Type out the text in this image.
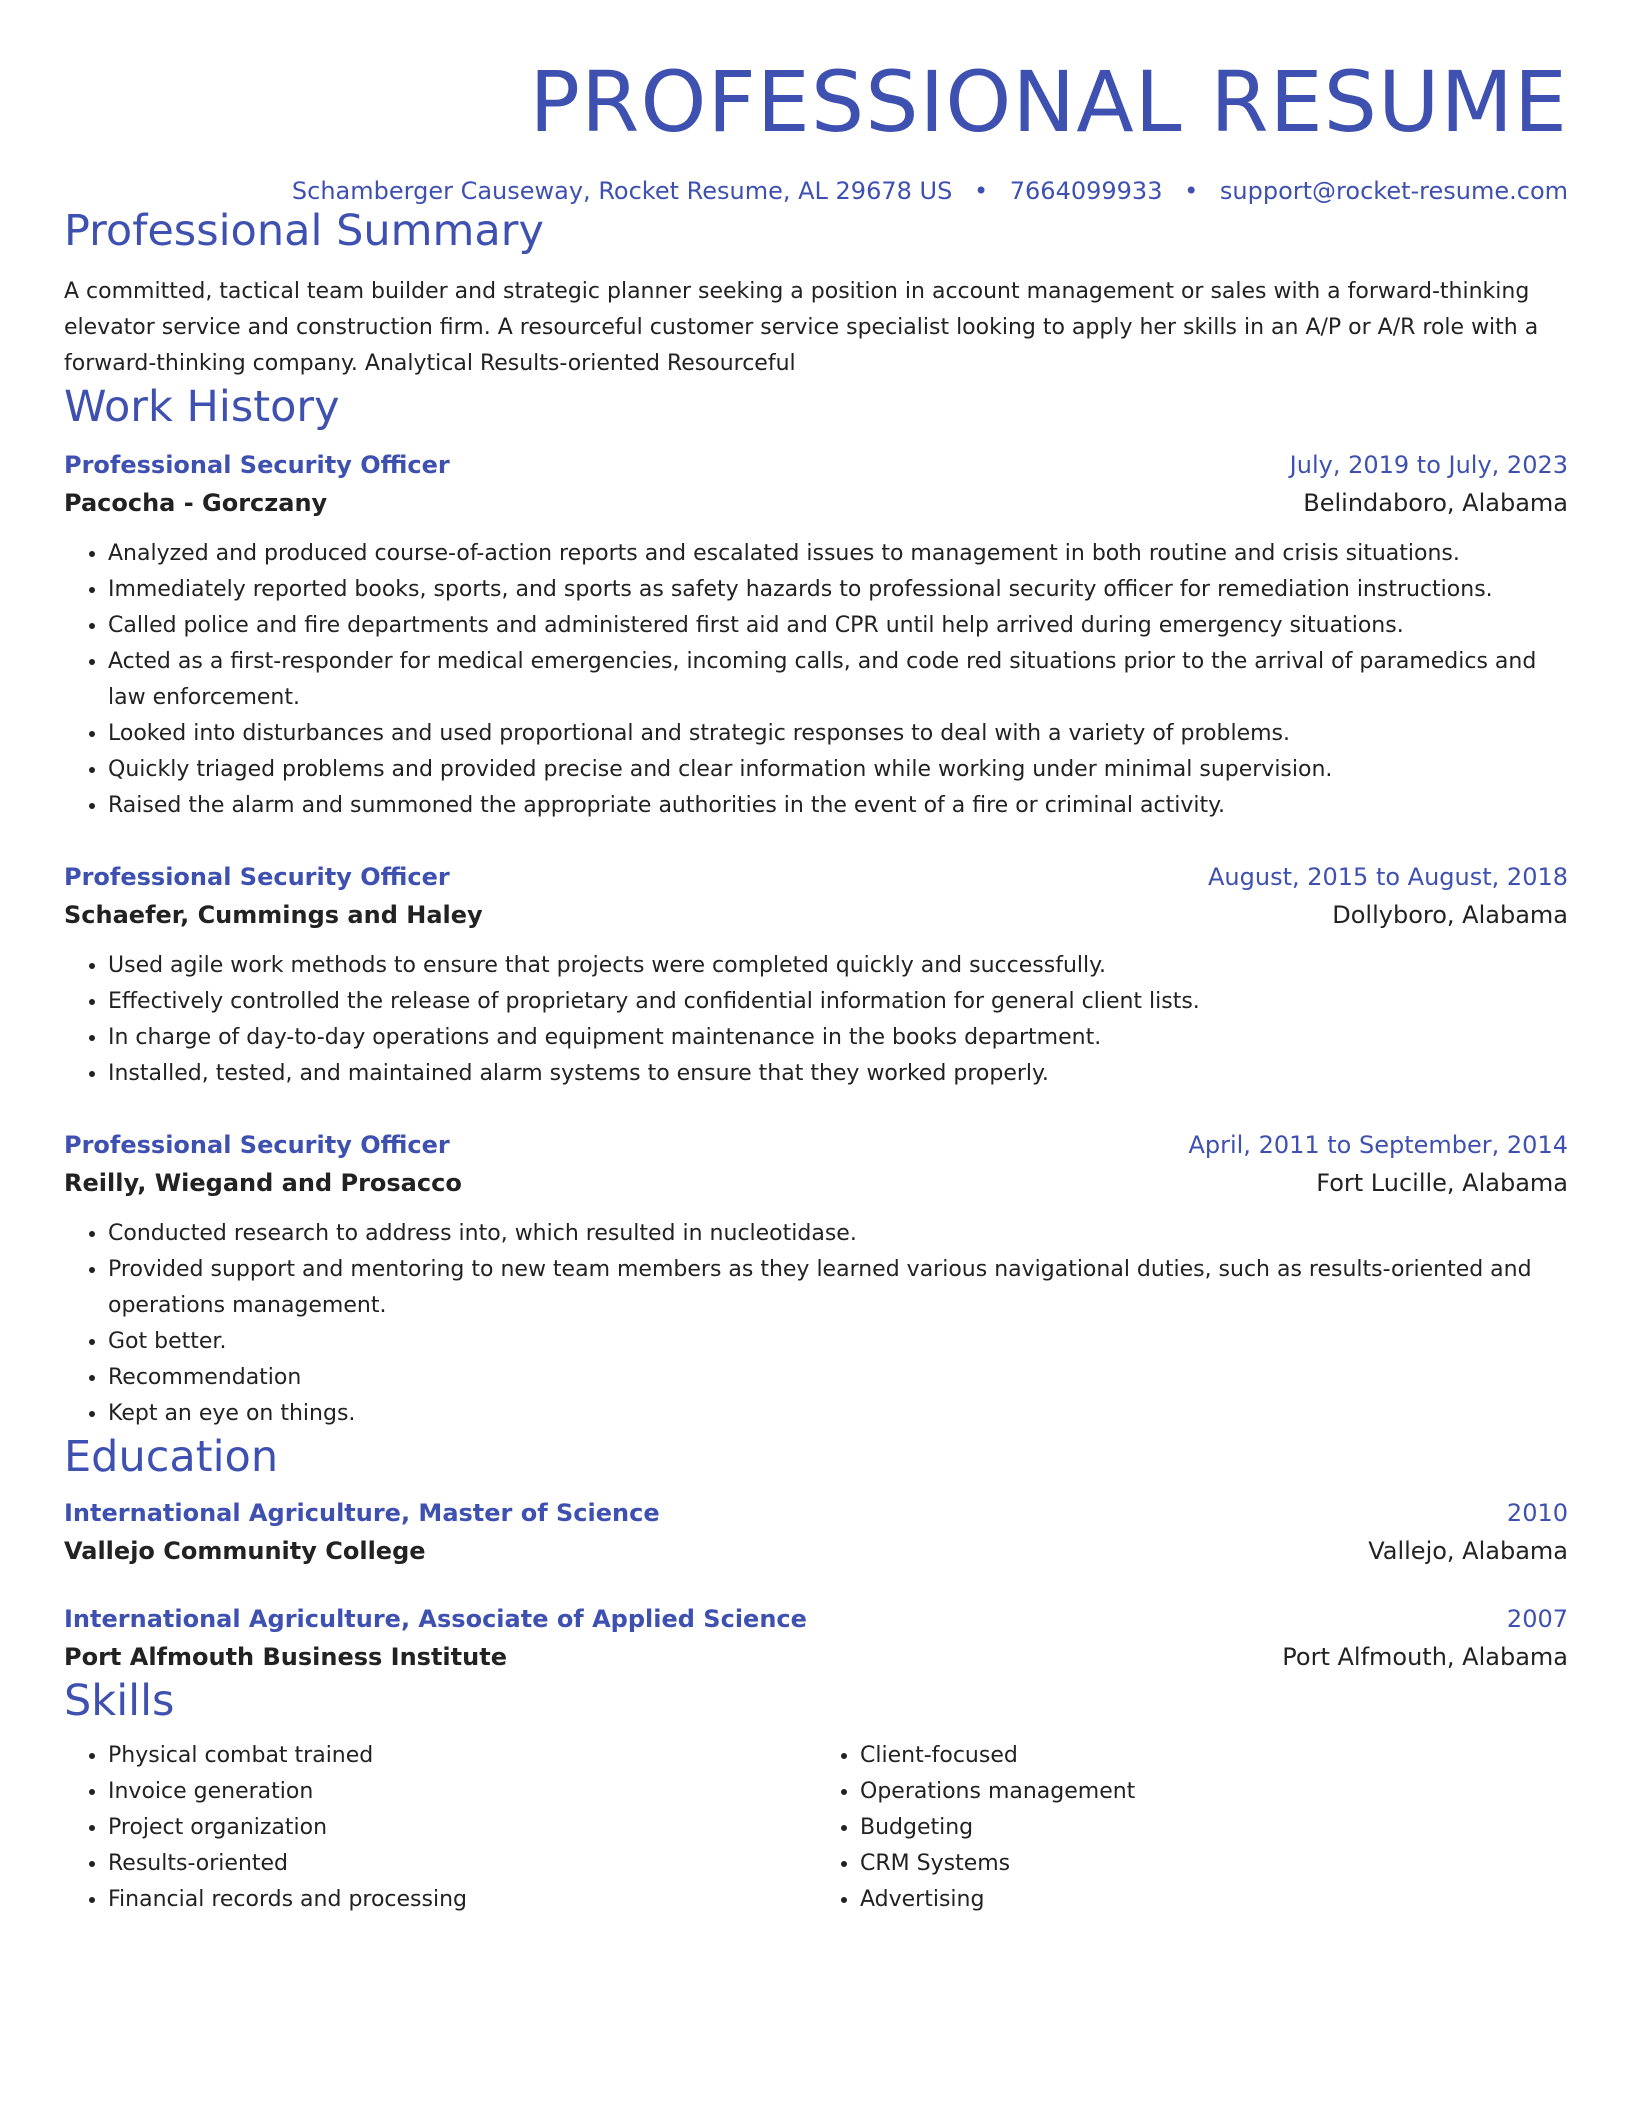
PROFESSIONAL RESUME
Schamberger Causeway, Rocket Resume, AL 29678 US • 7664099933 • support@rocket-resume.com
Professional Summary

A committed, tactical team builder and strategic planner seeking a position in account management or sales with a forward-thinking elevator service and construction firm. A resourceful customer service specialist looking to apply her skills in an A/P or A/R role with a forward-thinking company. Analytical Results-oriented Resourceful

Work History
Professional Security Officer	July, 2019 to July, 2023
Pacocha - Gorczany	Belindaboro, Alabama
• Analyzed and produced course-of-action reports and escalated issues to management in both routine and crisis situations.
• Immediately reported books, sports, and sports as safety hazards to professional security officer for remediation instructions.
• Called police and fire departments and administered first aid and CPR until help arrived during emergency situations.
• Acted as a first-responder for medical emergencies, incoming calls, and code red situations prior to the arrival of paramedics and law enforcement.
• Looked into disturbances and used proportional and strategic responses to deal with a variety of problems.
• Quickly triaged problems and provided precise and clear information while working under minimal supervision.
• Raised the alarm and summoned the appropriate authorities in the event of a fire or criminal activity.
Professional Security Officer	August, 2015 to August, 2018
Schaefer, Cummings and Haley	Dollyboro, Alabama
• Used agile work methods to ensure that projects were completed quickly and successfully.
• Effectively controlled the release of proprietary and confidential information for general client lists.
• In charge of day-to-day operations and equipment maintenance in the books department.
• Installed, tested, and maintained alarm systems to ensure that they worked properly.
Professional Security Officer	April, 2011 to September, 2014
Reilly, Wiegand and Prosacco	Fort Lucille, Alabama
• Conducted research to address into, which resulted in nucleotidase.
• Provided support and mentoring to new team members as they learned various navigational duties, such as results-oriented and operations management.
• Got better.
• Recommendation
• Kept an eye on things.
Education
International Agriculture, Master of Science	2010
Vallejo Community College	Vallejo, Alabama
International Agriculture, Associate of Applied Science	2007
Port Alfmouth Business Institute	Port Alfmouth, Alabama
Skills
• Physical combat trained
• Invoice generation
• Project organization
• Results-oriented
• Financial records and processing
• Client-focused
• Operations management
• Budgeting
• CRM Systems
• Advertising
